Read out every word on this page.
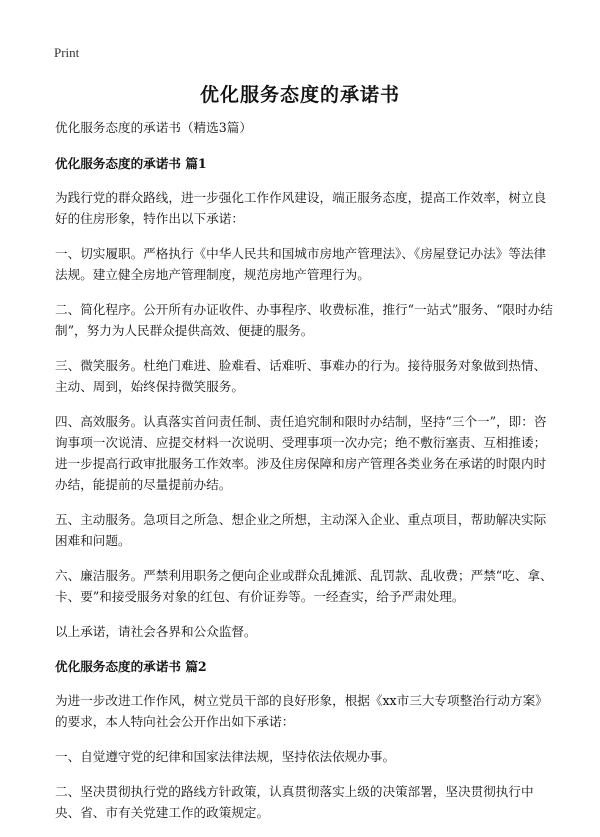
Print
优化服务态度的承诺书

优化服务态度的承诺书（精选3篇）

优化服务态度的承诺书 篇1

为践行党的群众路线，进一步强化工作作风建设，端正服务态度，提高工作效率，树立良好的住房形象，特作出以下承诺：

一、切实履职。严格执行《中华人民共和国城市房地产管理法》、《房屋登记办法》等法律法规。建立健全房地产管理制度，规范房地产管理行为。

二、简化程序。公开所有办证收件、办事程序、收费标准，推行“一站式”服务、“限时办结制”，努力为人民群众提供高效、便捷的服务。

三、微笑服务。杜绝门难进、脸难看、话难听、事难办的行为。接待服务对象做到热情、主动、周到，始终保持微笑服务。

四、高效服务。认真落实首问责任制、责任追究制和限时办结制，坚持“三个一”，即：咨询事项一次说清、应提交材料一次说明、受理事项一次办完；绝不敷衍塞责、互相推诿；进一步提高行政审批服务工作效率。涉及住房保障和房产管理各类业务在承诺的时限内时办结，能提前的尽量提前办结。

五、主动服务。急项目之所急、想企业之所想，主动深入企业、重点项目，帮助解决实际困难和问题。

六、廉洁服务。严禁利用职务之便向企业或群众乱摊派、乱罚款、乱收费；严禁“吃、拿、卡、要”和接受服务对象的红包、有价证券等。一经查实，给予严肃处理。

以上承诺，请社会各界和公众监督。

优化服务态度的承诺书 篇2

为进一步改进工作作风，树立党员干部的良好形象，根据《xx市三大专项整治行动方案》的要求，本人特向社会公开作出如下承诺：

一、自觉遵守党的纪律和国家法律法规，坚持依法依规办事。

二、坚决贯彻执行党的路线方针政策，认真贯彻落实上级的决策部署，坚决贯彻执行中央、省、市有关党建工作的政策规定。
